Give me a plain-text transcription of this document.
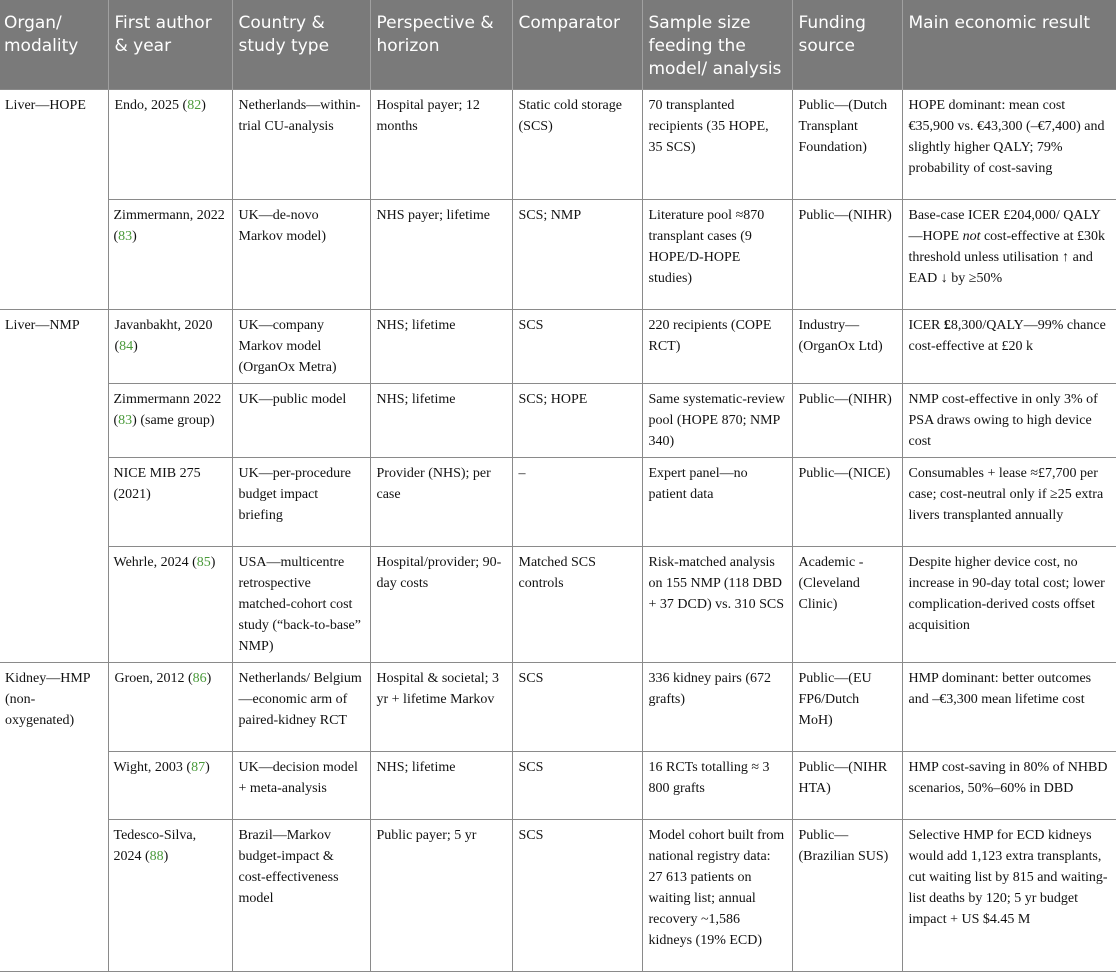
Organ/ modality	First author & year	Country & study type	Perspective & horizon	Comparator	Sample size feeding the model/ analysis	Funding source	Main economic result
Liver—HOPE	Endo, 2025 (82)	Netherlands—within-trial CU-analysis	Hospital payer; 12 months	Static cold storage (SCS)	70 transplanted recipients (35 HOPE, 35 SCS)	Public—(Dutch Transplant Foundation)	HOPE dominant: mean cost €35,900 vs. €43,300 (–€7,400) and slightly higher QALY; 79% probability of cost-saving
	Zimmermann, 2022 (83)	UK—de-novo Markov model)	NHS payer; lifetime	SCS; NMP	Literature pool ≈870 transplant cases (9 HOPE/D-HOPE studies)	Public—(NIHR)	Base-case ICER £204,000/ QALY—HOPE not cost-effective at £30k threshold unless utilisation ↑ and EAD ↓ by ≥50%
Liver—NMP	Javanbakht, 2020 (84)	UK—company Markov model (OrganOx Metra)	NHS; lifetime	SCS	220 recipients (COPE RCT)	Industry—(OrganOx Ltd)	ICER £8,300/QALY—99% chance cost-effective at £20 k
	Zimmermann 2022 (83) (same group)	UK—public model	NHS; lifetime	SCS; HOPE	Same systematic-review pool (HOPE 870; NMP 340)	Public—(NIHR)	NMP cost-effective in only 3% of PSA draws owing to high device cost
	NICE MIB 275 (2021)	UK—per-procedure budget impact briefing	Provider (NHS); per case	–	Expert panel—no patient data	Public—(NICE)	Consumables + lease ≈£7,700 per case; cost-neutral only if ≥25 extra livers transplanted annually
	Wehrle, 2024 (85)	USA—multicentre retrospective matched-cohort cost study (“back-to-base” NMP)	Hospital/provider; 90-day costs	Matched SCS controls	Risk-matched analysis on 155 NMP (118 DBD + 37 DCD) vs. 310 SCS	Academic -(Cleveland Clinic)	Despite higher device cost, no increase in 90-day total cost; lower complication-derived costs offset acquisition
Kidney—HMP (non-oxygenated)	Groen, 2012 (86)	Netherlands/ Belgium—economic arm of paired-kidney RCT	Hospital & societal; 3 yr + lifetime Markov	SCS	336 kidney pairs (672 grafts)	Public—(EU FP6/Dutch MoH)	HMP dominant: better outcomes and –€3,300 mean lifetime cost
	Wight, 2003 (87)	UK—decision model + meta-analysis	NHS; lifetime	SCS	16 RCTs totalling ≈ 3 800 grafts	Public—(NIHR HTA)	HMP cost-saving in 80% of NHBD scenarios, 50%–60% in DBD
	Tedesco-Silva, 2024 (88)	Brazil—Markov budget-impact & cost-effectiveness model	Public payer; 5 yr	SCS	Model cohort built from national registry data: 27 613 patients on waiting list; annual recovery ~1,586 kidneys (19% ECD)	Public—(Brazilian SUS)	Selective HMP for ECD kidneys would add 1,123 extra transplants, cut waiting list by 815 and waiting-list deaths by 120; 5 yr budget impact + US $4.45 M
